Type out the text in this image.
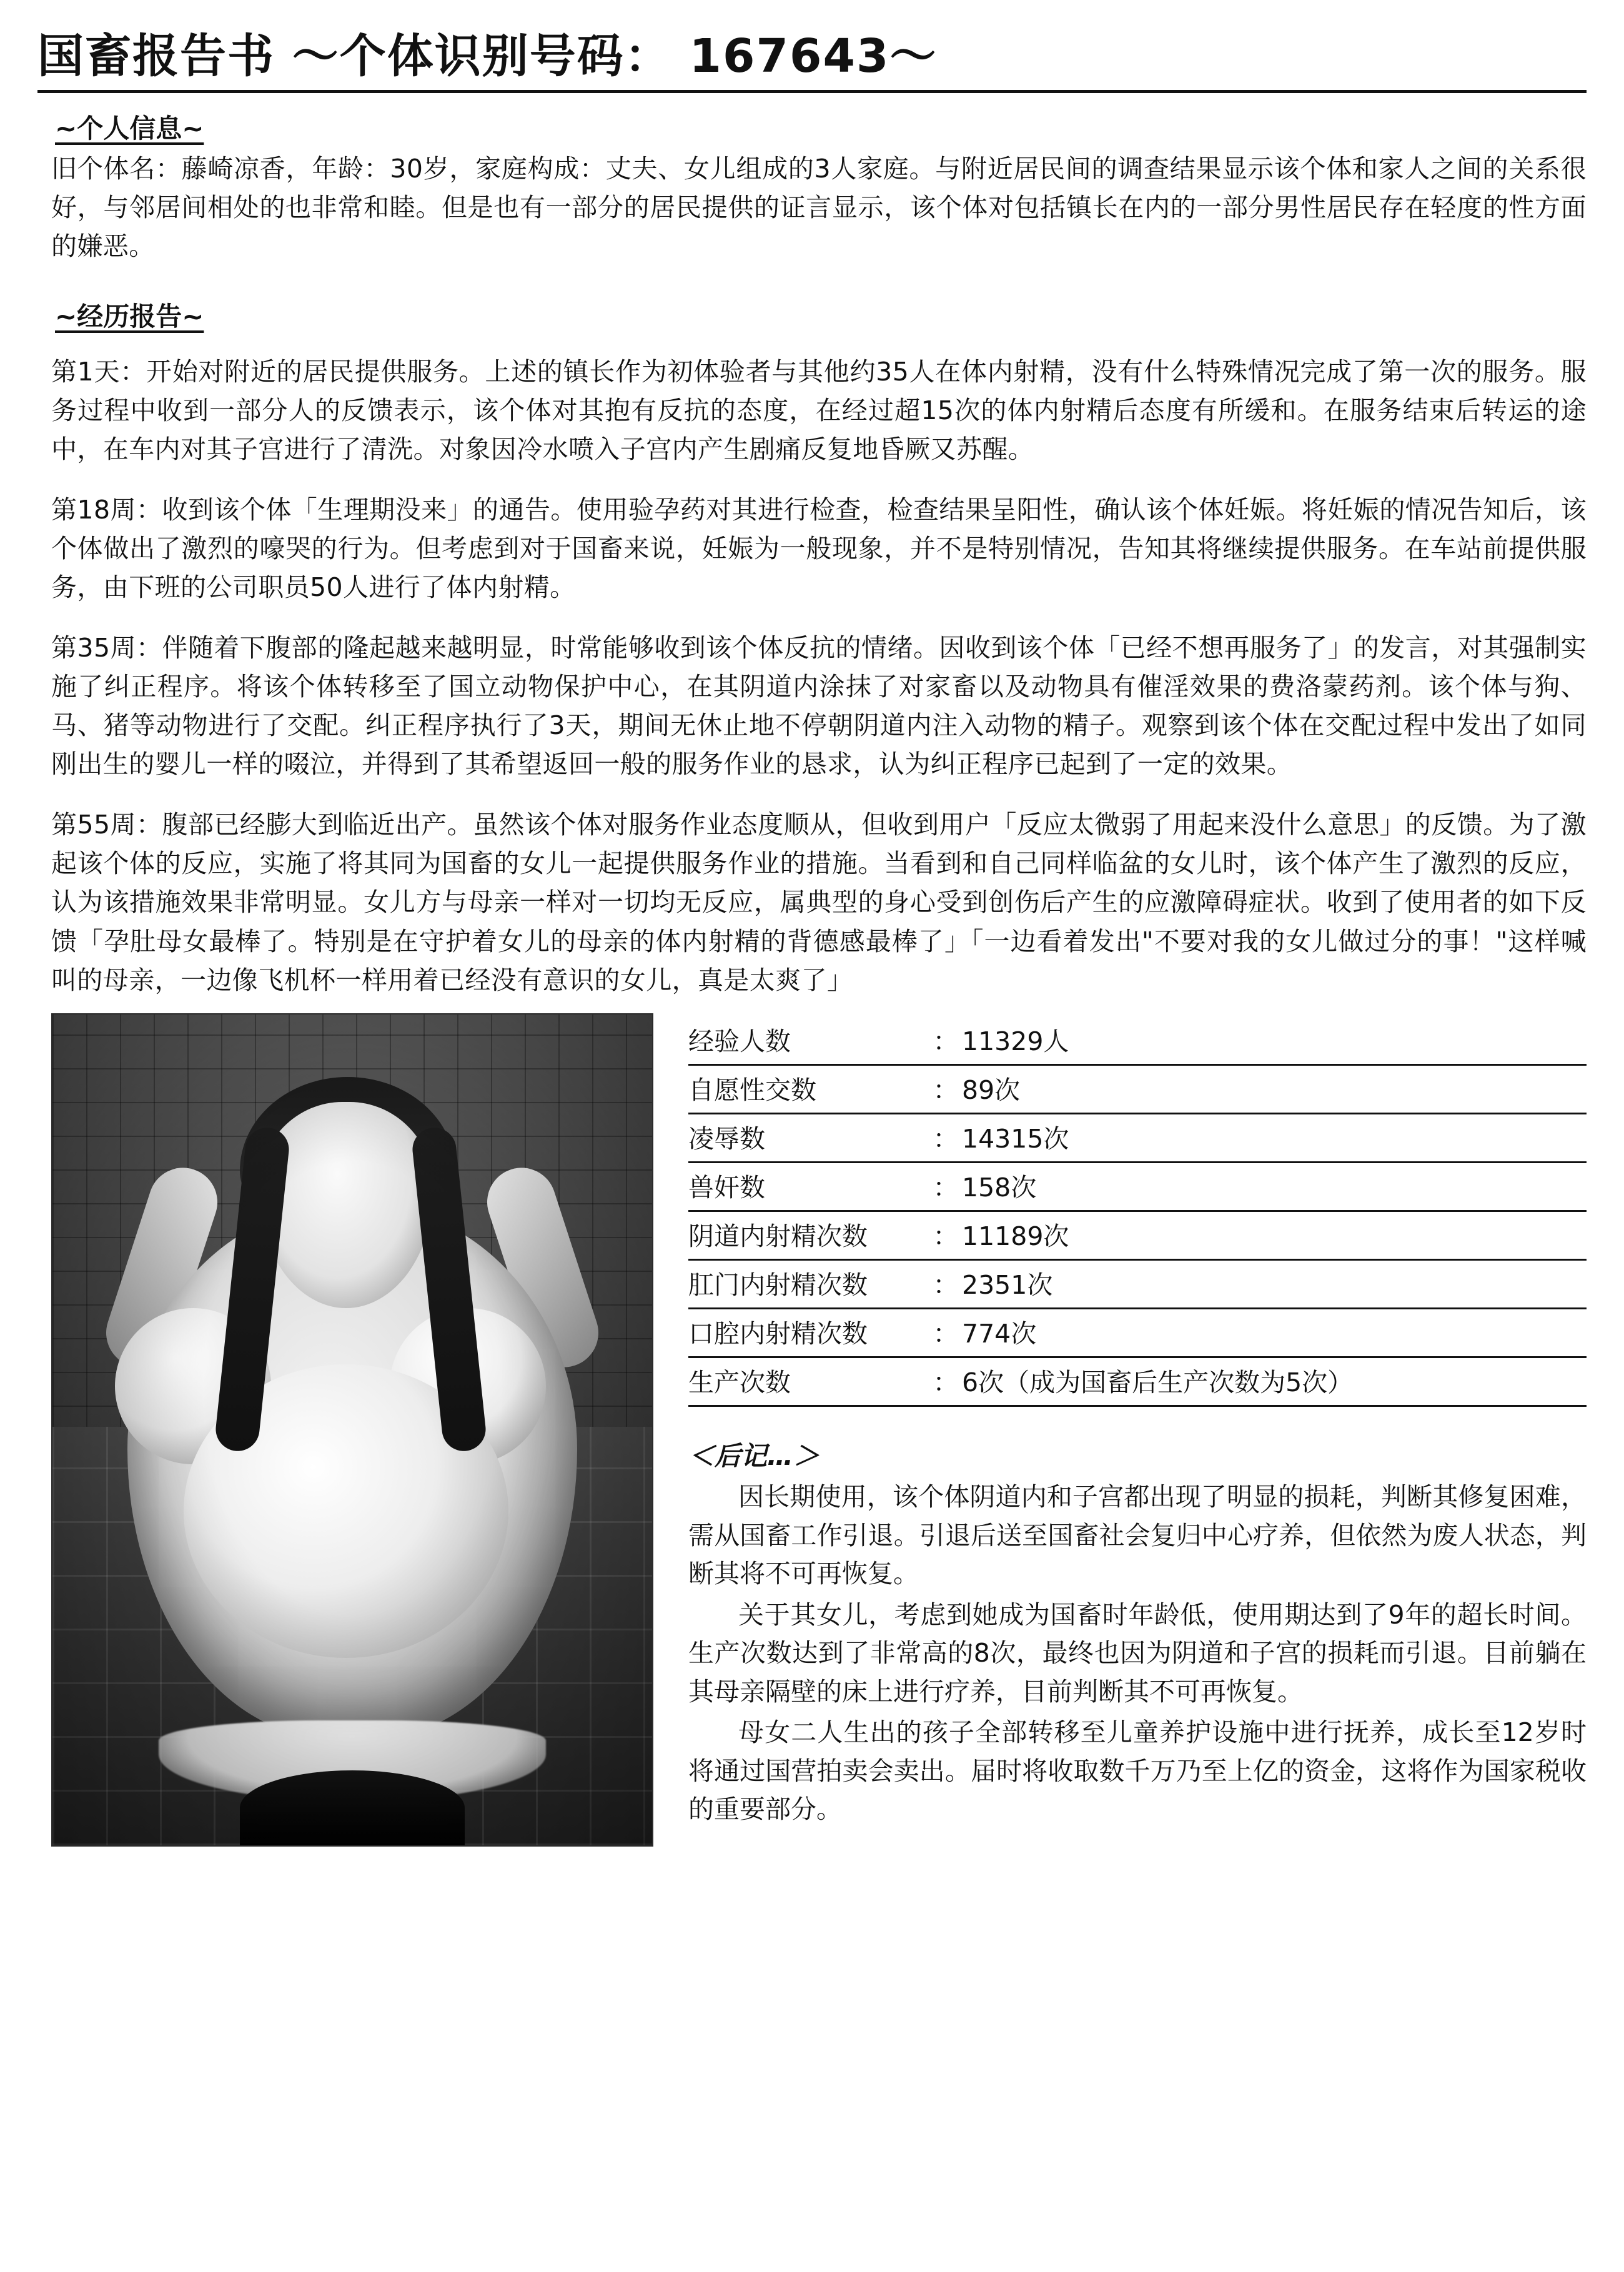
国畜报告书 ～个体识别号码： 167643～
~个人信息~

旧个体名：藤崎凉香，年龄：30岁，家庭构成：丈夫、女儿组成的3人家庭。与附近居民间的调查结果显示该个体和家人之间的关系很好，与邻居间相处的也非常和睦。但是也有一部分的居民提供的证言显示，该个体对包括镇长在内的一部分男性居民存在轻度的性方面的嫌恶。

~经历报告~

第1天：开始对附近的居民提供服务。上述的镇长作为初体验者与其他约35人在体内射精，没有什么特殊情况完成了第一次的服务。服务过程中收到一部分人的反馈表示，该个体对其抱有反抗的态度，在经过超15次的体内射精后态度有所缓和。在服务结束后转运的途中，在车内对其子宫进行了清洗。对象因冷水喷入子宫内产生剧痛反复地昏厥又苏醒。

第18周：收到该个体「生理期没来」的通告。使用验孕药对其进行检查，检查结果呈阳性，确认该个体妊娠。将妊娠的情况告知后，该个体做出了激烈的嚎哭的行为。但考虑到对于国畜来说，妊娠为一般现象，并不是特别情况，告知其将继续提供服务。在车站前提供服务，由下班的公司职员50人进行了体内射精。

第35周：伴随着下腹部的隆起越来越明显，时常能够收到该个体反抗的情绪。因收到该个体「已经不想再服务了」的发言，对其强制实施了纠正程序。将该个体转移至了国立动物保护中心，在其阴道内涂抹了对家畜以及动物具有催淫效果的费洛蒙药剂。该个体与狗、马、猪等动物进行了交配。纠正程序执行了3天，期间无休止地不停朝阴道内注入动物的精子。观察到该个体在交配过程中发出了如同刚出生的婴儿一样的啜泣，并得到了其希望返回一般的服务作业的恳求，认为纠正程序已起到了一定的效果。

第55周：腹部已经膨大到临近出产。虽然该个体对服务作业态度顺从，但收到用户「反应太微弱了用起来没什么意思」的反馈。为了激起该个体的反应，实施了将其同为国畜的女儿一起提供服务作业的措施。当看到和自己同样临盆的女儿时，该个体产生了激烈的反应，认为该措施效果非常明显。女儿方与母亲一样对一切均无反应，属典型的身心受到创伤后产生的应激障碍症状。收到了使用者的如下反馈「孕肚母女最棒了。特别是在守护着女儿的母亲的体内射精的背德感最棒了」「一边看着发出"不要对我的女儿做过分的事！"这样喊叫的母亲，一边像飞机杯一样用着已经没有意识的女儿，真是太爽了」

经验人数	：	11329人
自愿性交数	：	89次
凌辱数	：	14315次
兽奸数	：	158次
阴道内射精次数	：	11189次
肛门内射精次数	：	2351次
口腔内射精次数	：	774次
生产次数	：	6次（成为国畜后生产次数为5次）
＜后记…＞

因长期使用，该个体阴道内和子宫都出现了明显的损耗，判断其修复困难，需从国畜工作引退。引退后送至国畜社会复归中心疗养，但依然为废人状态，判断其将不可再恢复。

关于其女儿，考虑到她成为国畜时年龄低，使用期达到了9年的超长时间。生产次数达到了非常高的8次，最终也因为阴道和子宫的损耗而引退。目前躺在其母亲隔壁的床上进行疗养，目前判断其不可再恢复。

母女二人生出的孩子全部转移至儿童养护设施中进行抚养，成长至12岁时将通过国营拍卖会卖出。届时将收取数千万乃至上亿的资金，这将作为国家税收的重要部分。
